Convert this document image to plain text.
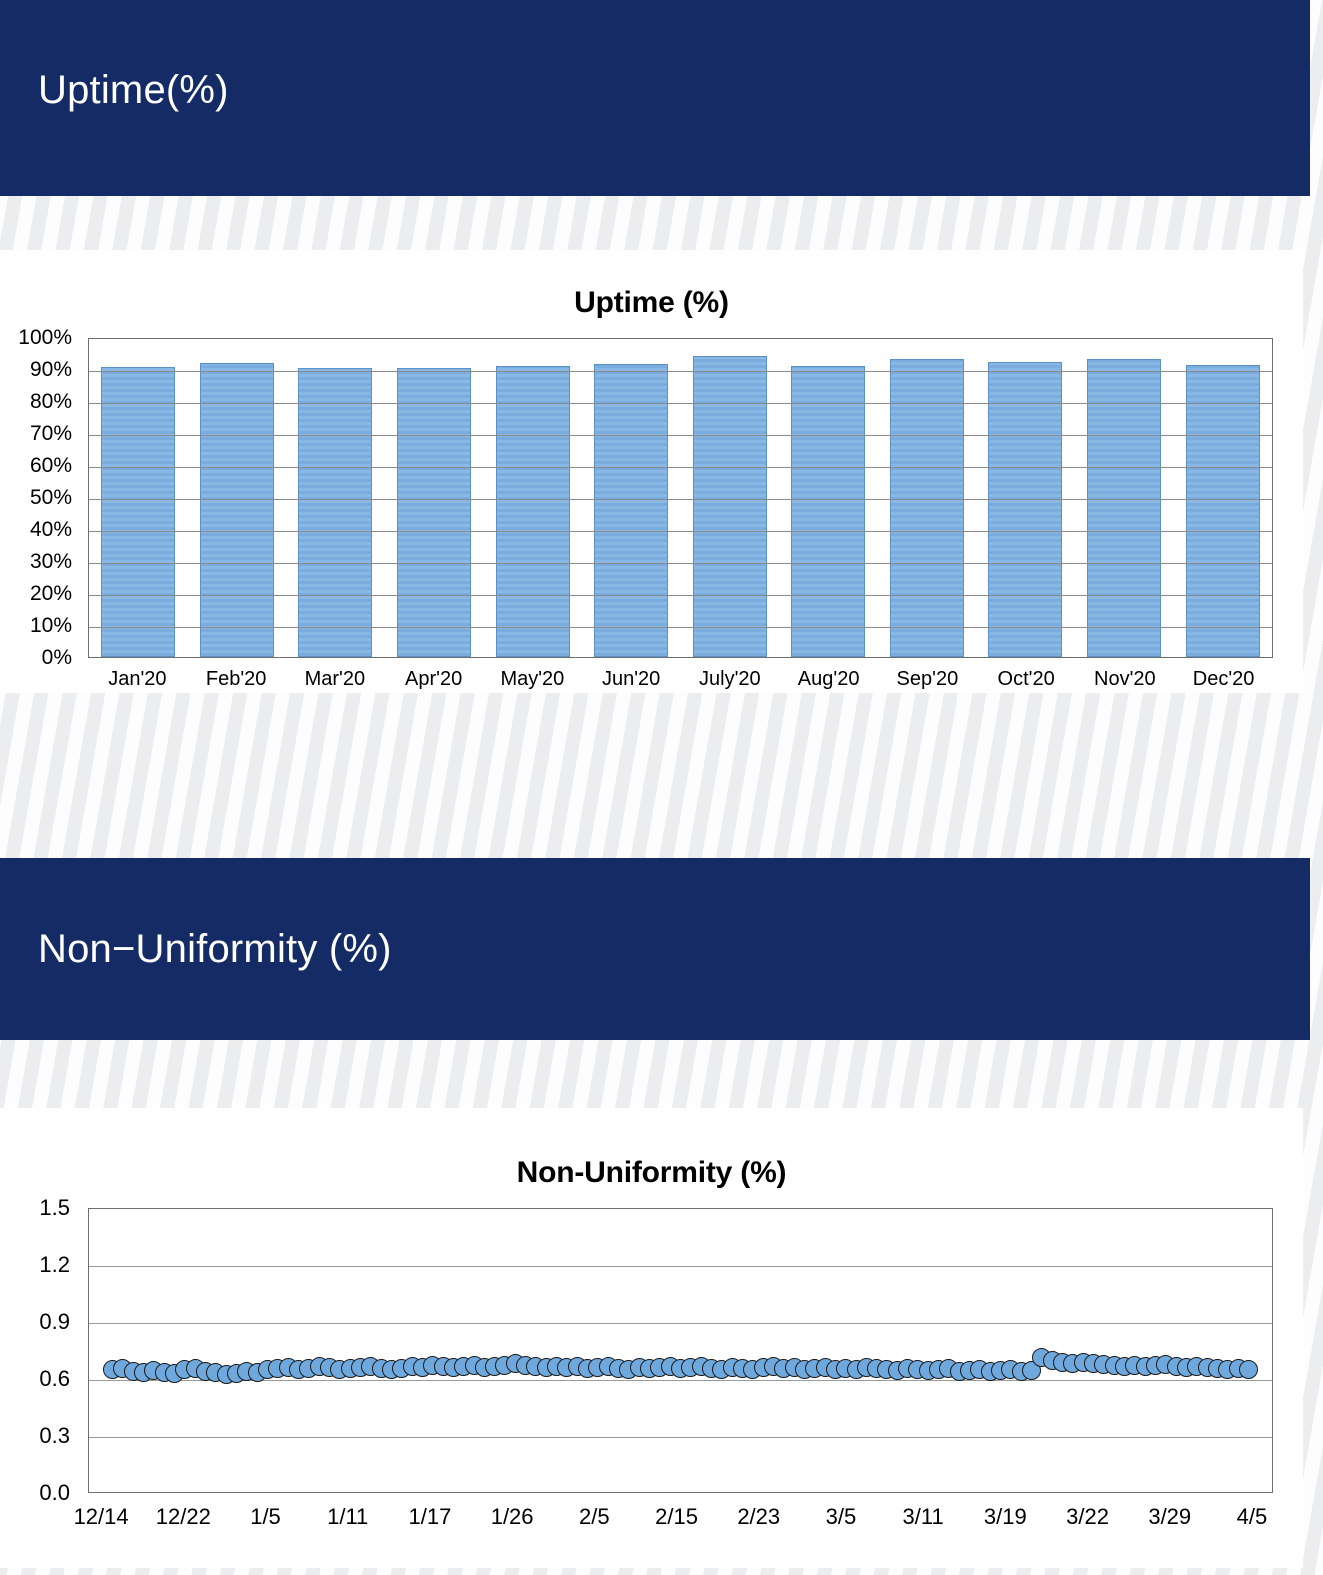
Uptime(%)
Uptime (%)
100%
90%
80%
70%
60%
50%
40%
30%
20%
10%
0%
Jan'20	Feb'20	Mar'20	Apr'20	May'20	Jun'20	July'20	Aug'20	Sep'20	Oct'20	Nov'20	Dec'20
Non−Uniformity (%)
Non-Uniformity (%)
1.5
1.2
0.9
0.6
0.3
0.0
12/14	12/22	1/5	1/11	1/17	1/26	2/5	2/15	2/23	3/5	3/11	3/19	3/22	3/29	4/5
